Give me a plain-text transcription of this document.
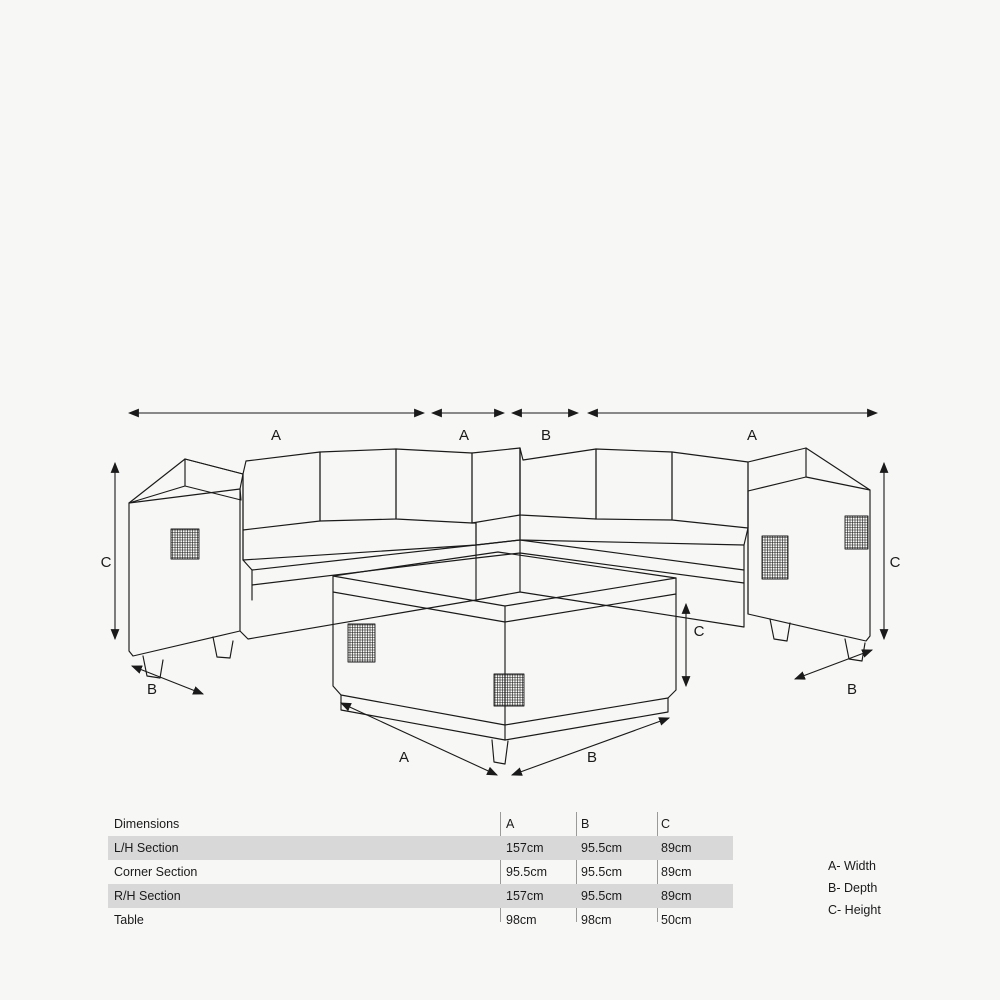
A	A	B	A
C	C
B	B
A	B
C
Dimensions	A	B	C
L/H Section	157cm	95.5cm	89cm
Corner Section	95.5cm	95.5cm	89cm
R/H Section	157cm	95.5cm	89cm
Table	98cm	98cm	50cm
A- Width
B- Depth
C- Height
